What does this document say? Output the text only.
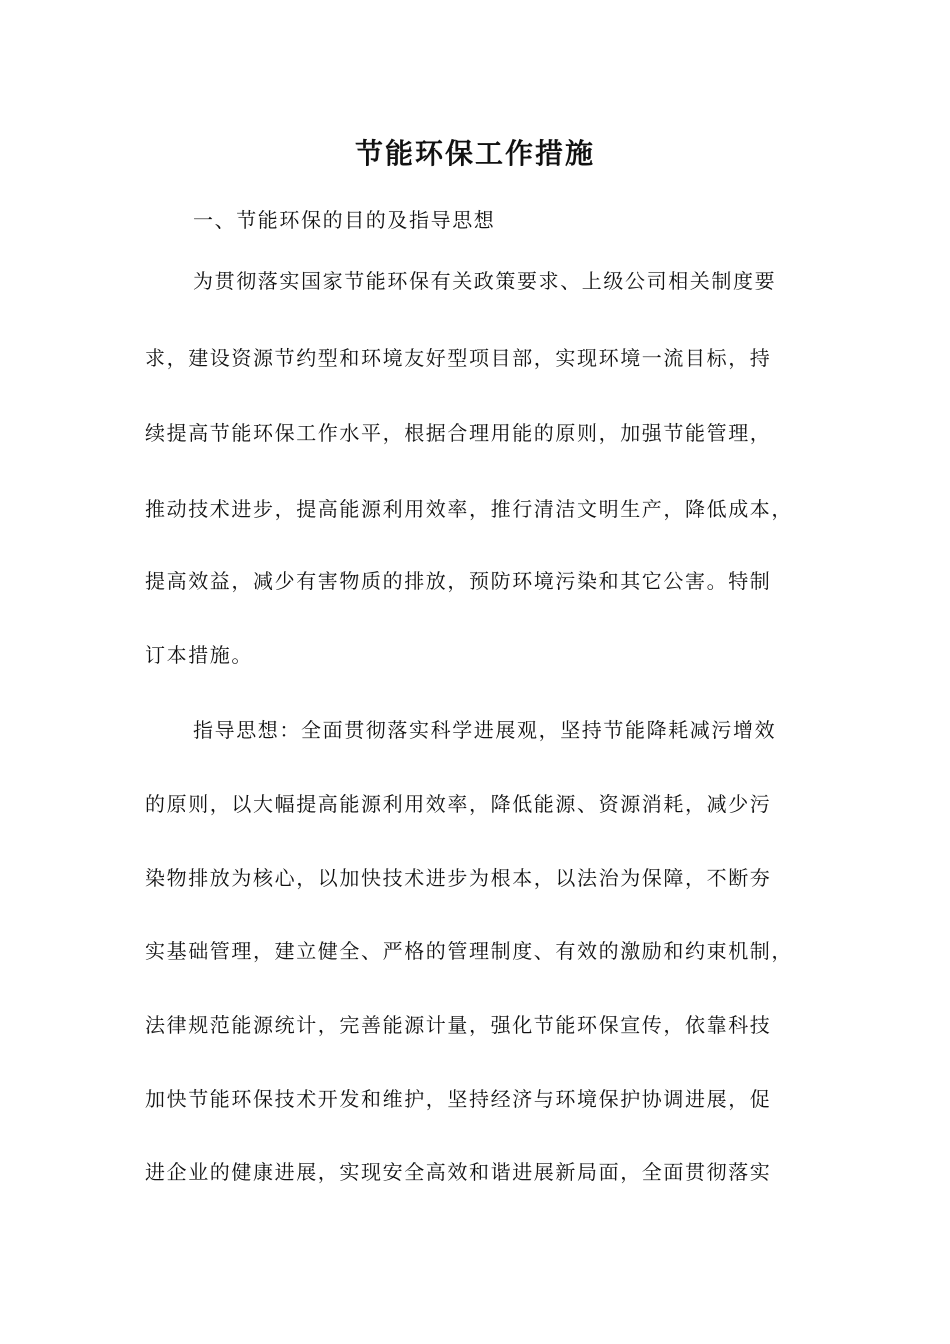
节能环保工作措施
一、节能环保的目的及指导思想
为贯彻落实国家节能环保有关政策要求、上级公司相关制度要
求，建设资源节约型和环境友好型项目部，实现环境一流目标，持
续提高节能环保工作水平，根据合理用能的原则，加强节能管理，
推动技术进步，提高能源利用效率，推行清洁文明生产，降低成本，
提高效益，减少有害物质的排放，预防环境污染和其它公害。特制
订本措施。
指导思想：全面贯彻落实科学进展观，坚持节能降耗减污增效
的原则，以大幅提高能源利用效率，降低能源、资源消耗，减少污
染物排放为核心，以加快技术进步为根本，以法治为保障，不断夯
实基础管理，建立健全、严格的管理制度、有效的激励和约束机制，
法律规范能源统计，完善能源计量，强化节能环保宣传，依靠科技
加快节能环保技术开发和维护，坚持经济与环境保护协调进展，促
进企业的健康进展，实现安全高效和谐进展新局面，全面贯彻落实
